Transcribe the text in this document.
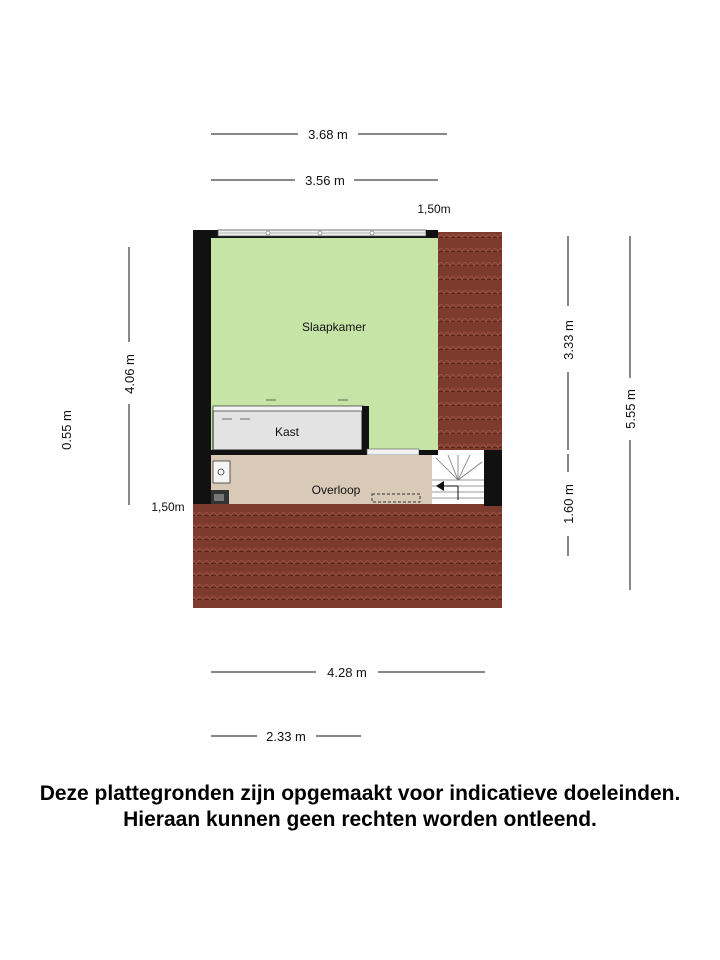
Slaapkamer
Kast
Overloop
3.68 m
3.56 m
1,50m
4.06 m
0.55 m
1,50m
3.33 m
1.60 m
5.55 m
4.28 m
2.33 m
Deze plattegronden zijn opgemaakt voor indicatieve doeleinden.
Hieraan kunnen geen rechten worden ontleend.
